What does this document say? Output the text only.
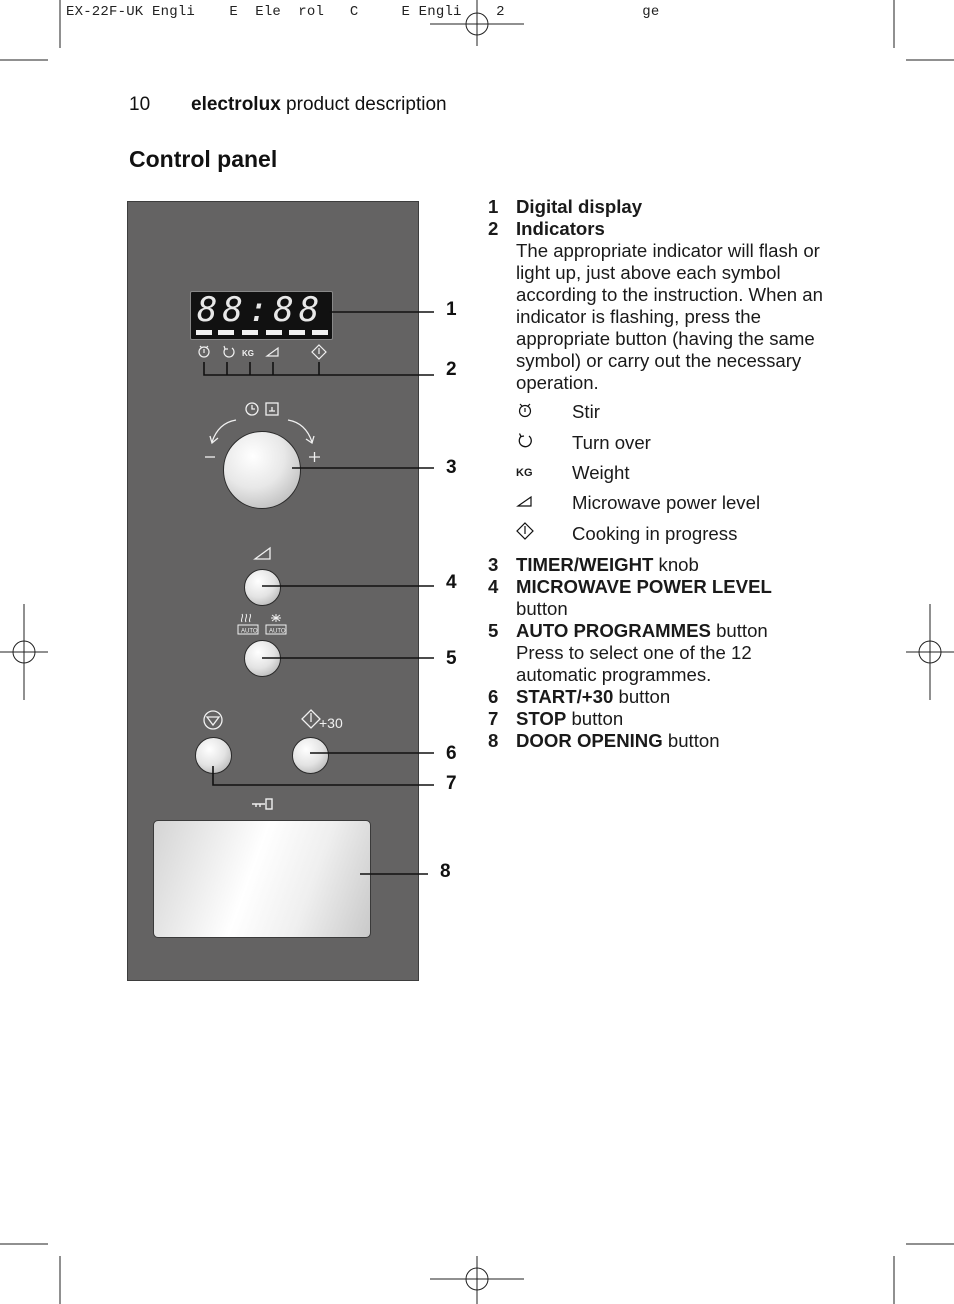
EX-22F-UK Engli    E  Ele  rol   C     E Engli    2                ge
10 electrolux product description
Control panel
88:88
KG
AUTO AUTO
+30
1
2
3
4
5
6
7
8
1 Digital display
2 Indicators
The appropriate indicator will flash or light up, just above each symbol according to the instruction. When an indicator is flashing, press the appropriate button (having the same symbol) or carry out the necessary operation.
Stir
Turn over
KG	Weight
Microwave power level
Cooking in progress
3 TIMER/WEIGHT knob
4 MICROWAVE POWER LEVEL
button
5 AUTO PROGRAMMES button
Press to select one of the 12 automatic programmes.
6 START/+30 button
7 STOP button
8 DOOR OPENING button
